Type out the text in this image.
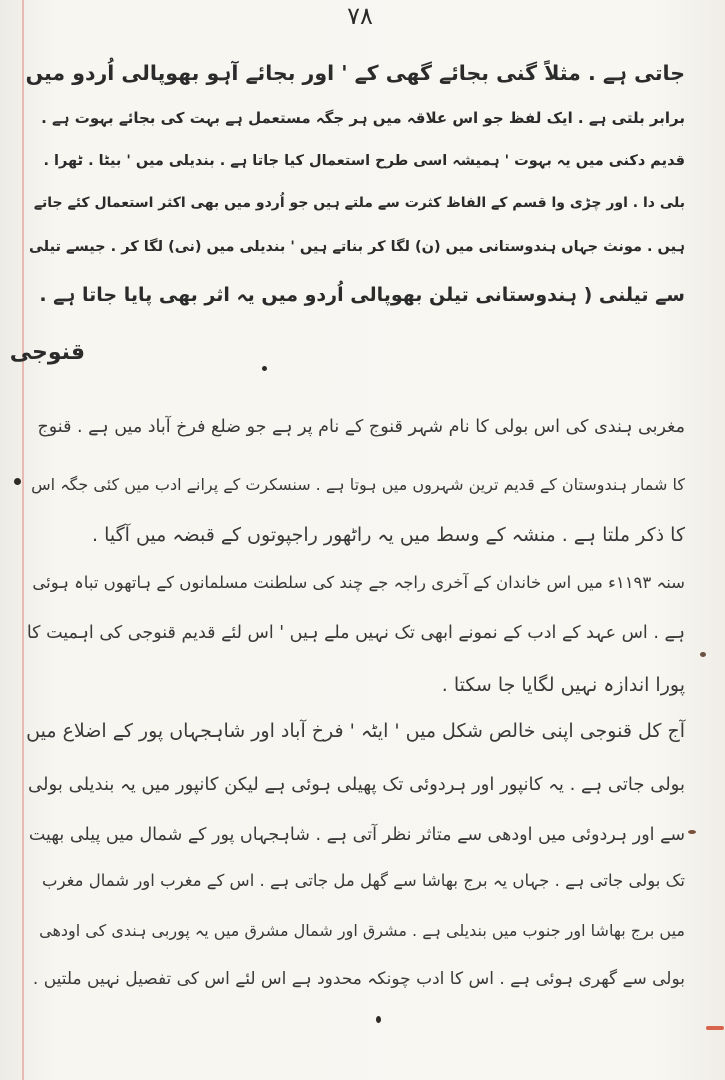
٧٨
جاتی ہے . مثلاً گنی بجائے گھی کے ' اور بجائے آہو بھوپالی اُردو میں
برابر بلتی ہے . ایک لفظ جو اس علاقہ میں ہر جگہ مستعمل ہے بہت کی بجائے بہوت ہے .
قدیم دکنی میں یہ بہوت ' ہمیشہ اسی طرح استعمال کیا جاتا ہے . بندیلی میں ' بیٹا . ٹھرا .
بلی دا . اور چڑی وا قسم کے الفاظ کثرت سے ملتے ہیں جو اُردو میں بھی اکثر استعمال کئے جاتے
ہیں . مونث جہاں ہندوستانی میں (ن) لگا کر بناتے ہیں ' بندیلی میں (نی) لگا کر . جیسے تیلی
سے تیلنی ( ہندوستانی تیلن بھوپالی اُردو میں یہ اثر بھی پایا جاتا ہے .
قنوجی
مغربی ہندی کی اس بولی کا نام شہر قنوج کے نام پر ہے جو ضلع فرخ آباد میں ہے . قنوج
کا شمار ہندوستان کے قدیم ترین شہروں میں ہوتا ہے . سنسکرت کے پرانے ادب میں کئی جگہ اس
کا ذکر ملتا ہے . منشہ کے وسط میں یہ راٹھور راجپوتوں کے قبضہ میں آگیا .
سنہ ۱۱۹۳ء میں اس خاندان کے آخری راجہ جے چند کی سلطنت مسلمانوں کے ہاتھوں تباہ ہوئی
ہے . اس عہد کے ادب کے نمونے ابھی تک نہیں ملے ہیں ' اس لئے قدیم قنوجی کی اہمیت کا
پورا اندازہ نہیں لگایا جا سکتا .
آج کل قنوجی اپنی خالص شکل میں ' ایٹہ ' فرخ آباد اور شاہجہاں پور کے اضلاع میں
بولی جاتی ہے . یہ کانپور اور ہردوئی تک پھیلی ہوئی ہے لیکن کانپور میں یہ بندیلی بولی
سے اور ہردوئی میں اودھی سے متاثر نظر آتی ہے . شاہجہاں پور کے شمال میں پیلی بھیت
تک بولی جاتی ہے . جہاں یہ برج بھاشا سے گھل مل جاتی ہے . اس کے مغرب اور شمال مغرب
میں برج بھاشا اور جنوب میں بندیلی ہے . مشرق اور شمال مشرق میں یہ پوربی ہندی کی اودھی
بولی سے گھری ہوئی ہے . اس کا ادب چونکہ محدود ہے اس لئے اس کی تفصیل نہیں ملتیں .
